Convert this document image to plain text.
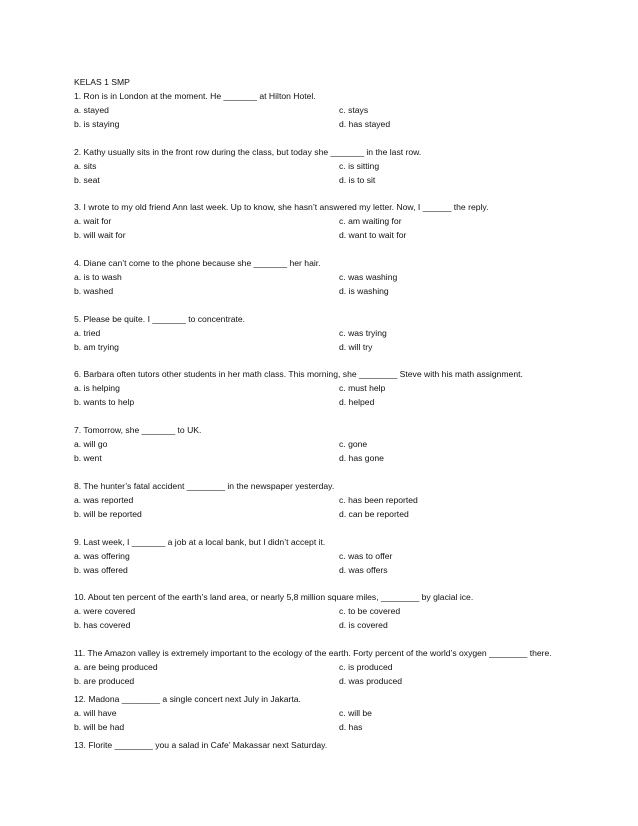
KELAS 1 SMP
1. Ron is in London at the moment. He _______ at Hilton Hotel.
a. stayed	c. stays
b. is staying	d. has stayed
2. Kathy usually sits in the front row during the class, but today she _______ in the last row.
a. sits	c. is sitting
b. seat	d. is to sit
3. I wrote to my old friend Ann last week. Up to know, she hasn’t answered my letter. Now, I ______ the reply.
a. wait for	c. am waiting for
b. will wait for	d. want to wait for
4. Diane can’t come to the phone because she _______ her hair.
a. is to wash	c. was washing
b. washed	d. is washing
5. Please be quite. I _______ to concentrate.
a. tried	c. was trying
b. am trying	d. will try
6. Barbara often tutors other students in her math class. This morning, she ________ Steve with his math assignment.
a. is helping	c. must help
b. wants to help	d. helped
7. Tomorrow, she _______ to UK.
a. will go	c. gone
b. went	d. has gone
8. The hunter’s fatal accident ________ in the newspaper yesterday.
a. was reported	c. has been reported
b. will be reported	d. can be reported
9. Last week, I _______ a job at a local bank, but I didn’t accept it.
a. was offering	c. was to offer
b. was offered	d. was offers
10. About ten percent of the earth’s land area, or nearly 5,8 million square miles, ________ by glacial ice.
a. were covered	c. to be covered
b. has covered	d. is covered
11. The Amazon valley is extremely important to the ecology of the earth. Forty percent of the world’s oxygen ________ there.
a. are being produced	c. is produced
b. are produced	d. was produced
12. Madona ________ a single concert next July in Jakarta.
a. will have	c. will be
b. will be had	d. has
13. Florite ________ you a salad in Cafe’ Makassar next Saturday.
